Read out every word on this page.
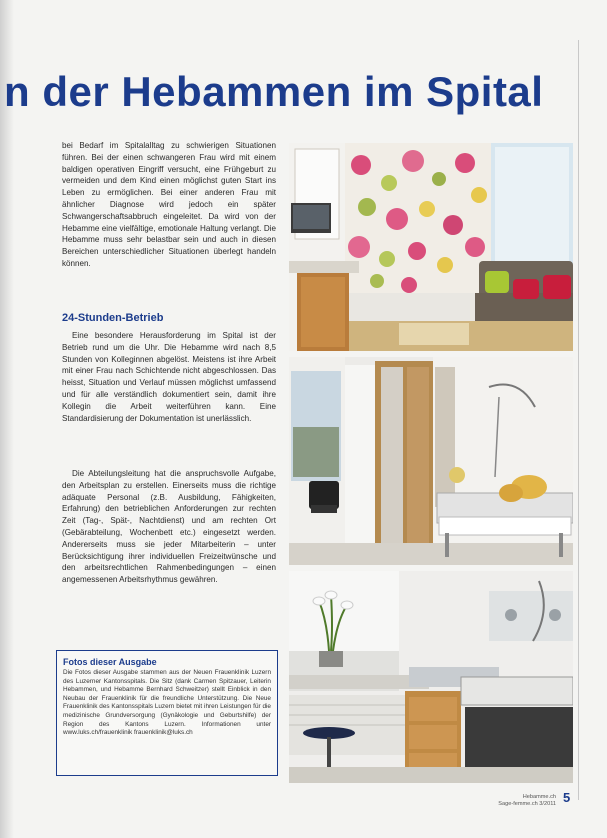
n der Hebammen im Spital

bei Bedarf im Spitalalltag zu schwierigen Situationen führen. Bei der einen schwangeren Frau wird mit einem baldigen operativen Eingriff versucht, eine Frühgeburt zu vermeiden und dem Kind einen möglichst guten Start ins Leben zu ermöglichen. Bei einer anderen Frau mit ähnlicher Diagnose wird jedoch ein später Schwangerschaftsabbruch eingeleitet. Da wird von der Hebamme eine vielfältige, emotionale Haltung verlangt. Die Hebamme muss sehr belastbar sein und auch in diesen Bereichen unterschiedlicher Situationen überlegt handeln können.

24-Stunden-Betrieb

Eine besondere Herausforderung im Spital ist der Betrieb rund um die Uhr. Die Hebamme wird nach 8,5 Stunden von Kolleginnen abgelöst. Meistens ist ihre Arbeit mit einer Frau nach Schichtende nicht abgeschlossen. Das heisst, Situation und Verlauf müssen möglichst umfassend und für alle verständlich dokumentiert sein, damit ihre Kollegin die Arbeit weiterführen kann. Eine Standardisierung der Dokumentation ist unerlässlich.

Die Abteilungsleitung hat die anspruchsvolle Aufgabe, den Arbeitsplan zu erstellen. Einerseits muss die richtige adäquate Personal (z.B. Ausbildung, Fähigkeiten, Erfahrung) den betrieblichen Anforderungen zur rechten Zeit (Tag-, Spät-, Nachtdienst) und am rechten Ort (Gebärabteilung, Wochenbett etc.) eingesetzt werden. Andererseits muss sie jeder Mitarbeiterin – unter Berücksichtigung ihrer individuellen Freizeitwünsche und den arbeitsrechtlichen Rahmenbedingungen – einen angemessenen Arbeitsrhythmus gewähren.

Fotos dieser Ausgabe
Die Fotos dieser Ausgabe stammen aus der Neuen Frauenklinik Luzern des Luzerner Kantonsspitals. Die Sitz (dank Carmen Spitzauer, Leiterin Hebammen, und Hebamme Bernhard Schweitzer) stellt Einblick in den Neubau der Frauenklinik für die freundliche Unterstützung. Die Neue Frauenklinik des Kantonsspitals Luzern bietet mit ihren Leistungen für die medizinische Grundversorgung (Gynäkologie und Geburtshilfe) der Region des Kantons Luzern. Informationen unter www.luks.ch/frauenklinik frauenklinik@luks.ch
Hebamme.ch
Sage-femme.ch 3/2011 5
